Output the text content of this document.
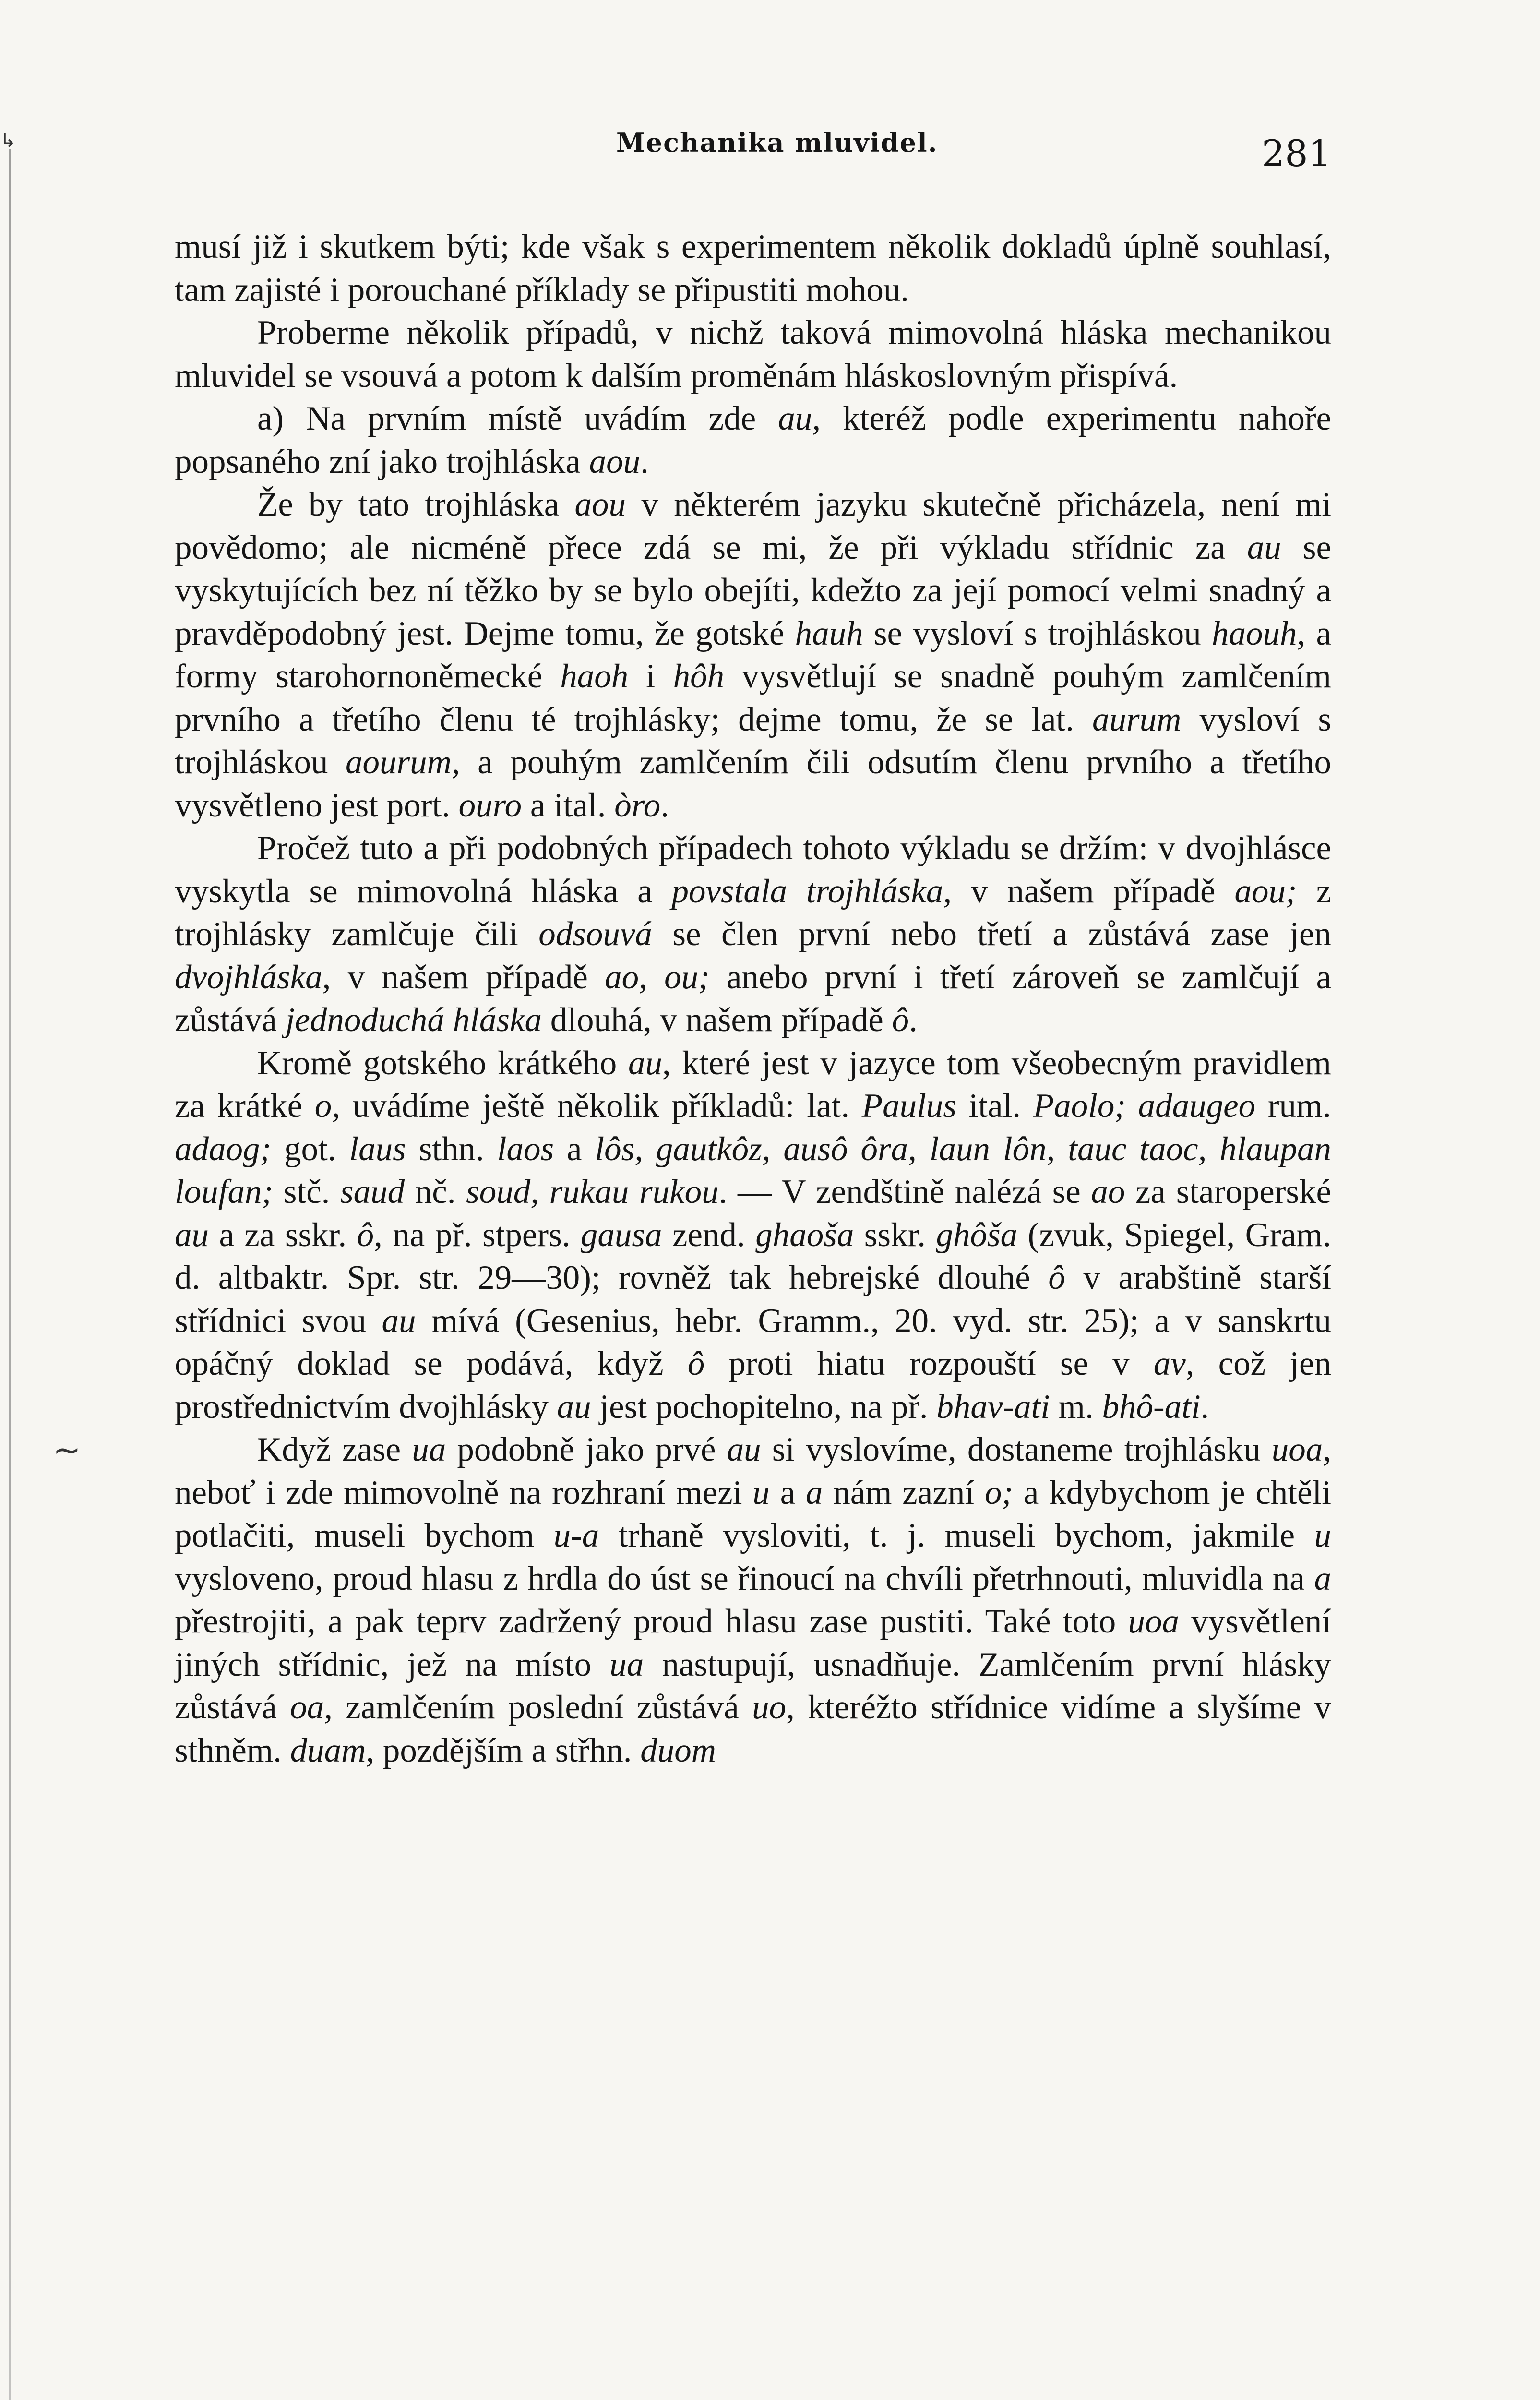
↳
~
Mechanika mluvidel.	281

musí již i skutkem býti; kde však s experimentem několik dokladů úplně souhlasí, tam zajisté i porouchané příklady se připustiti mohou.

Proberme několik případů, v nichž taková mimovolná hláska mechanikou mluvidel se vsouvá a potom k dalším proměnám hláskoslovným přispívá.

a) Na prvním místě uvádím zde au, kteréž podle experimentu nahoře popsaného zní jako trojhláska aou.

Že by tato trojhláska aou v některém jazyku skutečně přicházela, není mi povědomo; ale nicméně přece zdá se mi, že při výkladu střídnic za au se vyskytujících bez ní těžko by se bylo obejíti, kdežto za její pomocí velmi snadný a pravděpodobný jest. Dejme tomu, že gotské hauh se vysloví s trojhláskou haouh, a formy starohornoněmecké haoh i hôh vysvětlují se snadně pouhým zamlčením prvního a třetího členu té trojhlásky; dejme tomu, že se lat. aurum vysloví s trojhláskou aourum, a pouhým zamlčením čili odsutím členu prvního a třetího vysvětleno jest port. ouro a ital. òro.

Pročež tuto a při podobných případech tohoto výkladu se držím: v dvojhlásce vyskytla se mimovolná hláska a povstala trojhláska, v našem případě aou; z trojhlásky zamlčuje čili odsouvá se člen první nebo třetí a zůstává zase jen dvojhláska, v našem případě ao, ou; anebo první i třetí zároveň se zamlčují a zůstává jednoduchá hláska dlouhá, v našem případě ô.

Kromě gotského krátkého au, které jest v jazyce tom všeobecným pravidlem za krátké o, uvádíme ještě několik příkladů: lat. Paulus ital. Paolo; adaugeo rum. adaog; got. laus sthn. laos a lôs, gautkôz, ausô ôra, laun lôn, tauc taoc, hlaupan loufan; stč. saud nč. soud, rukau rukou. — V zendštině nalézá se ao za staroperské au a za sskr. ô, na př. stpers. gausa zend. ghaoša sskr. ghôša (zvuk, Spiegel, Gram. d. altbaktr. Spr. str. 29—30); rovněž tak hebrejské dlouhé ô v arabštině starší střídnici svou au mívá (Gesenius, hebr. Gramm., 20. vyd. str. 25); a v sanskrtu opáčný doklad se podává, když ô proti hiatu rozpouští se v av, což jen prostřednictvím dvojhlásky au jest pochopitelno, na př. bhav-ati m. bhô-ati.

Když zase ua podobně jako prvé au si vyslovíme, dostaneme trojhlásku uoa, neboť i zde mimovolně na rozhraní mezi u a a nám zazní o; a kdybychom je chtěli potlačiti, museli bychom u-a trhaně vysloviti, t. j. museli bychom, jakmile u vysloveno, proud hlasu z hrdla do úst se řinoucí na chvíli přetrhnouti, mluvidla na a přestrojiti, a pak teprv zadržený proud hlasu zase pustiti. Také toto uoa vysvětlení jiných střídnic, jež na místo ua nastupují, usnadňuje. Zamlčením první hlásky zůstává oa, zamlčením poslední zůstává uo, kteréžto střídnice vidíme a slyšíme v sthněm. duam, pozdějším a střhn. duom
